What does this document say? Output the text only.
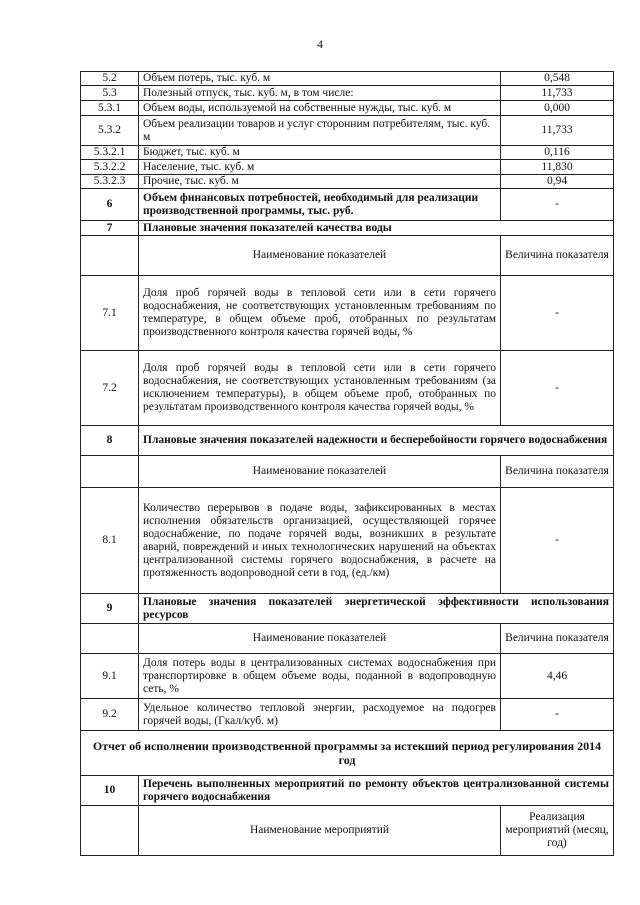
4
5.2	Объем потерь, тыс. куб. м	0,548
5.3	Полезный отпуск, тыс. куб. м, в том числе:	11,733
5.3.1	Объем воды, используемой на собственные нужды, тыс. куб. м	0,000
5.3.2	Объем реализации товаров и услуг сторонним потребителям, тыс. куб. м	11,733
5.3.2.1	Бюджет, тыс. куб. м	0,116
5.3.2.2	Население, тыс. куб. м	11,830
5.3.2.3	Прочие, тыс. куб. м	0,94
6	Объем финансовых потребностей, необходимый для реализации производственной программы, тыс. руб.	-
7	Плановые значения показателей качества воды	
	Наименование показателей	Величина показателя
7.1	Доля проб горячей воды в тепловой сети или в сети горячего водоснабжения, не соответствующих установленным требованиям по температуре, в общем объеме проб, отобранных по результатам производственного контроля качества горячей воды, %	-
7.2	Доля проб горячей воды в тепловой сети или в сети горячего водоснабжения, не соответствующих установленным требованиям (за исключением температуры), в общем объеме проб, отобранных по результатам производственного контроля качества горячей воды, %	-
8	Плановые значения показателей надежности и бесперебойности горячего водоснабжения	
	Наименование показателей	Величина показателя
8.1	Количество перерывов в подаче воды, зафиксированных в местах исполнения обязательств организацией, осуществляющей горячее водоснабжение, по подаче горячей воды, возникших в результате аварий, повреждений и иных технологических нарушений на объектах централизованной системы горячего водоснабжения, в расчете на протяженность водопроводной сети в год, (ед./км)	-
9	Плановые значения показателей энергетической эффективности использования ресурсов	
	Наименование показателей	Величина показателя
9.1	Доля потерь воды в централизованных системах водоснабжения при транспортировке в общем объеме воды, поданной в водопроводную сеть, %	4,46
9.2	Удельное количество тепловой энергии, расходуемое на подогрев горячей воды, (Гкал/куб. м)	-
Отчет об исполнении производственной программы за истекший период регулирования 2014 год		
10	Перечень выполненных мероприятий по ремонту объектов централизованной системы горячего водоснабжения	
	Наименование мероприятий	Реализация мероприятий (месяц, год)
